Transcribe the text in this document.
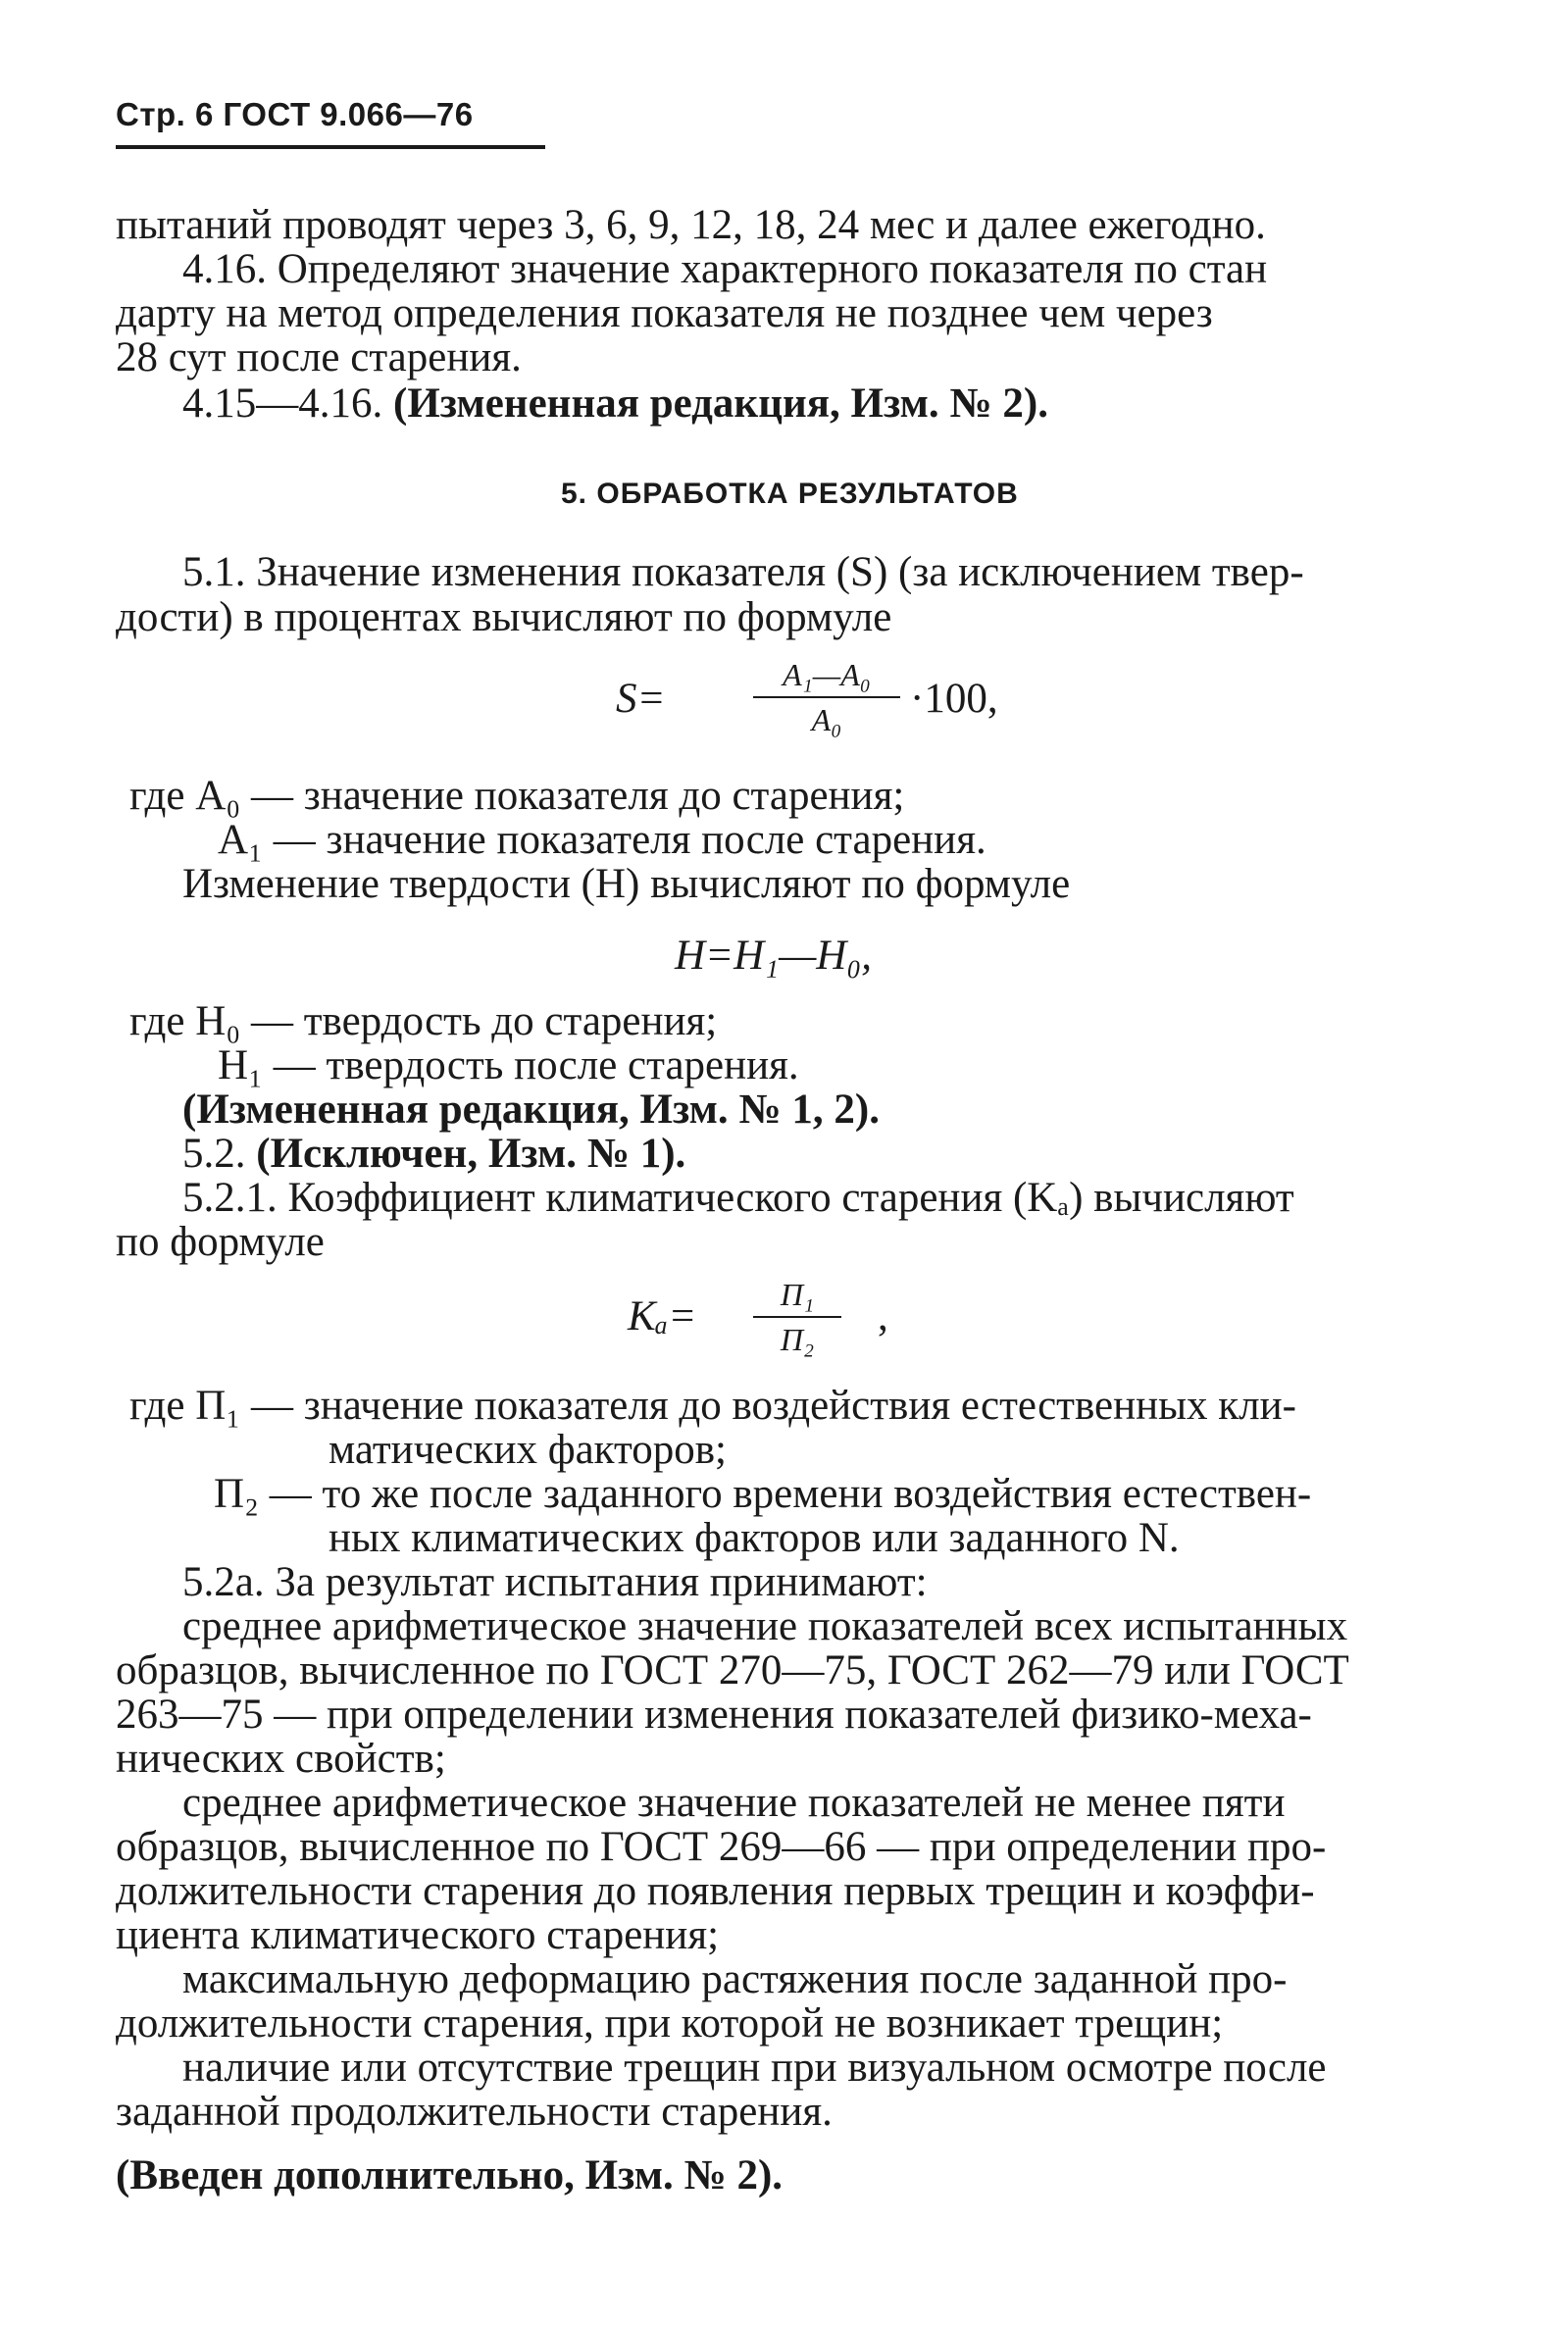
Стр. 6 ГОСТ 9.066—76
пытаний проводят через 3, 6, 9, 12, 18, 24 мес и далее ежегодно.
4.16. Определяют значение характерного показателя по стан
дарту на метод определения показателя не позднее чем через
28 сут после старения.
4.15—4.16. (Измененная редакция, Изм. № 2).
5. ОБРАБОТКА РЕЗУЛЬТАТОВ
5.1. Значение изменения показателя (S) (за исключением твер-
дости) в процентах вычисляют по формуле
S=
A₁—A₀
A₀	·100,
где A₀ — значение показателя до старения;
A₁ — значение показателя после старения.
Изменение твердости (H) вычисляют по формуле
H=H₁—H₀,
где H₀ — твердость до старения;
H₁ — твердость после старения.
(Измененная редакция, Изм. № 1, 2).
5.2. (Исключен, Изм. № 1).
5.2.1. Коэффициент климатического старения (Kₐ) вычисляют
по формуле
Kₐ=	П₁
П₂	,
где П₁ — значение показателя до воздействия естественных кли-
матических факторов;
П₂ — то же после заданного времени воздействия естествен-
ных климатических факторов или заданного N.
5.2а. За результат испытания принимают:
среднее арифметическое значение показателей всех испытанных
образцов, вычисленное по ГОСТ 270—75, ГОСТ 262—79 или ГОСТ
263—75 — при определении изменения показателей физико-меха-
нических свойств;
среднее арифметическое значение показателей не менее пяти
образцов, вычисленное по ГОСТ 269—66 — при определении про-
должительности старения до появления первых трещин и коэффи-
циента климатического старения;
максимальную деформацию растяжения после заданной про-
должительности старения, при которой не возникает трещин;
наличие или отсутствие трещин при визуальном осмотре после
заданной продолжительности старения.
(Введен дополнительно, Изм. № 2).
